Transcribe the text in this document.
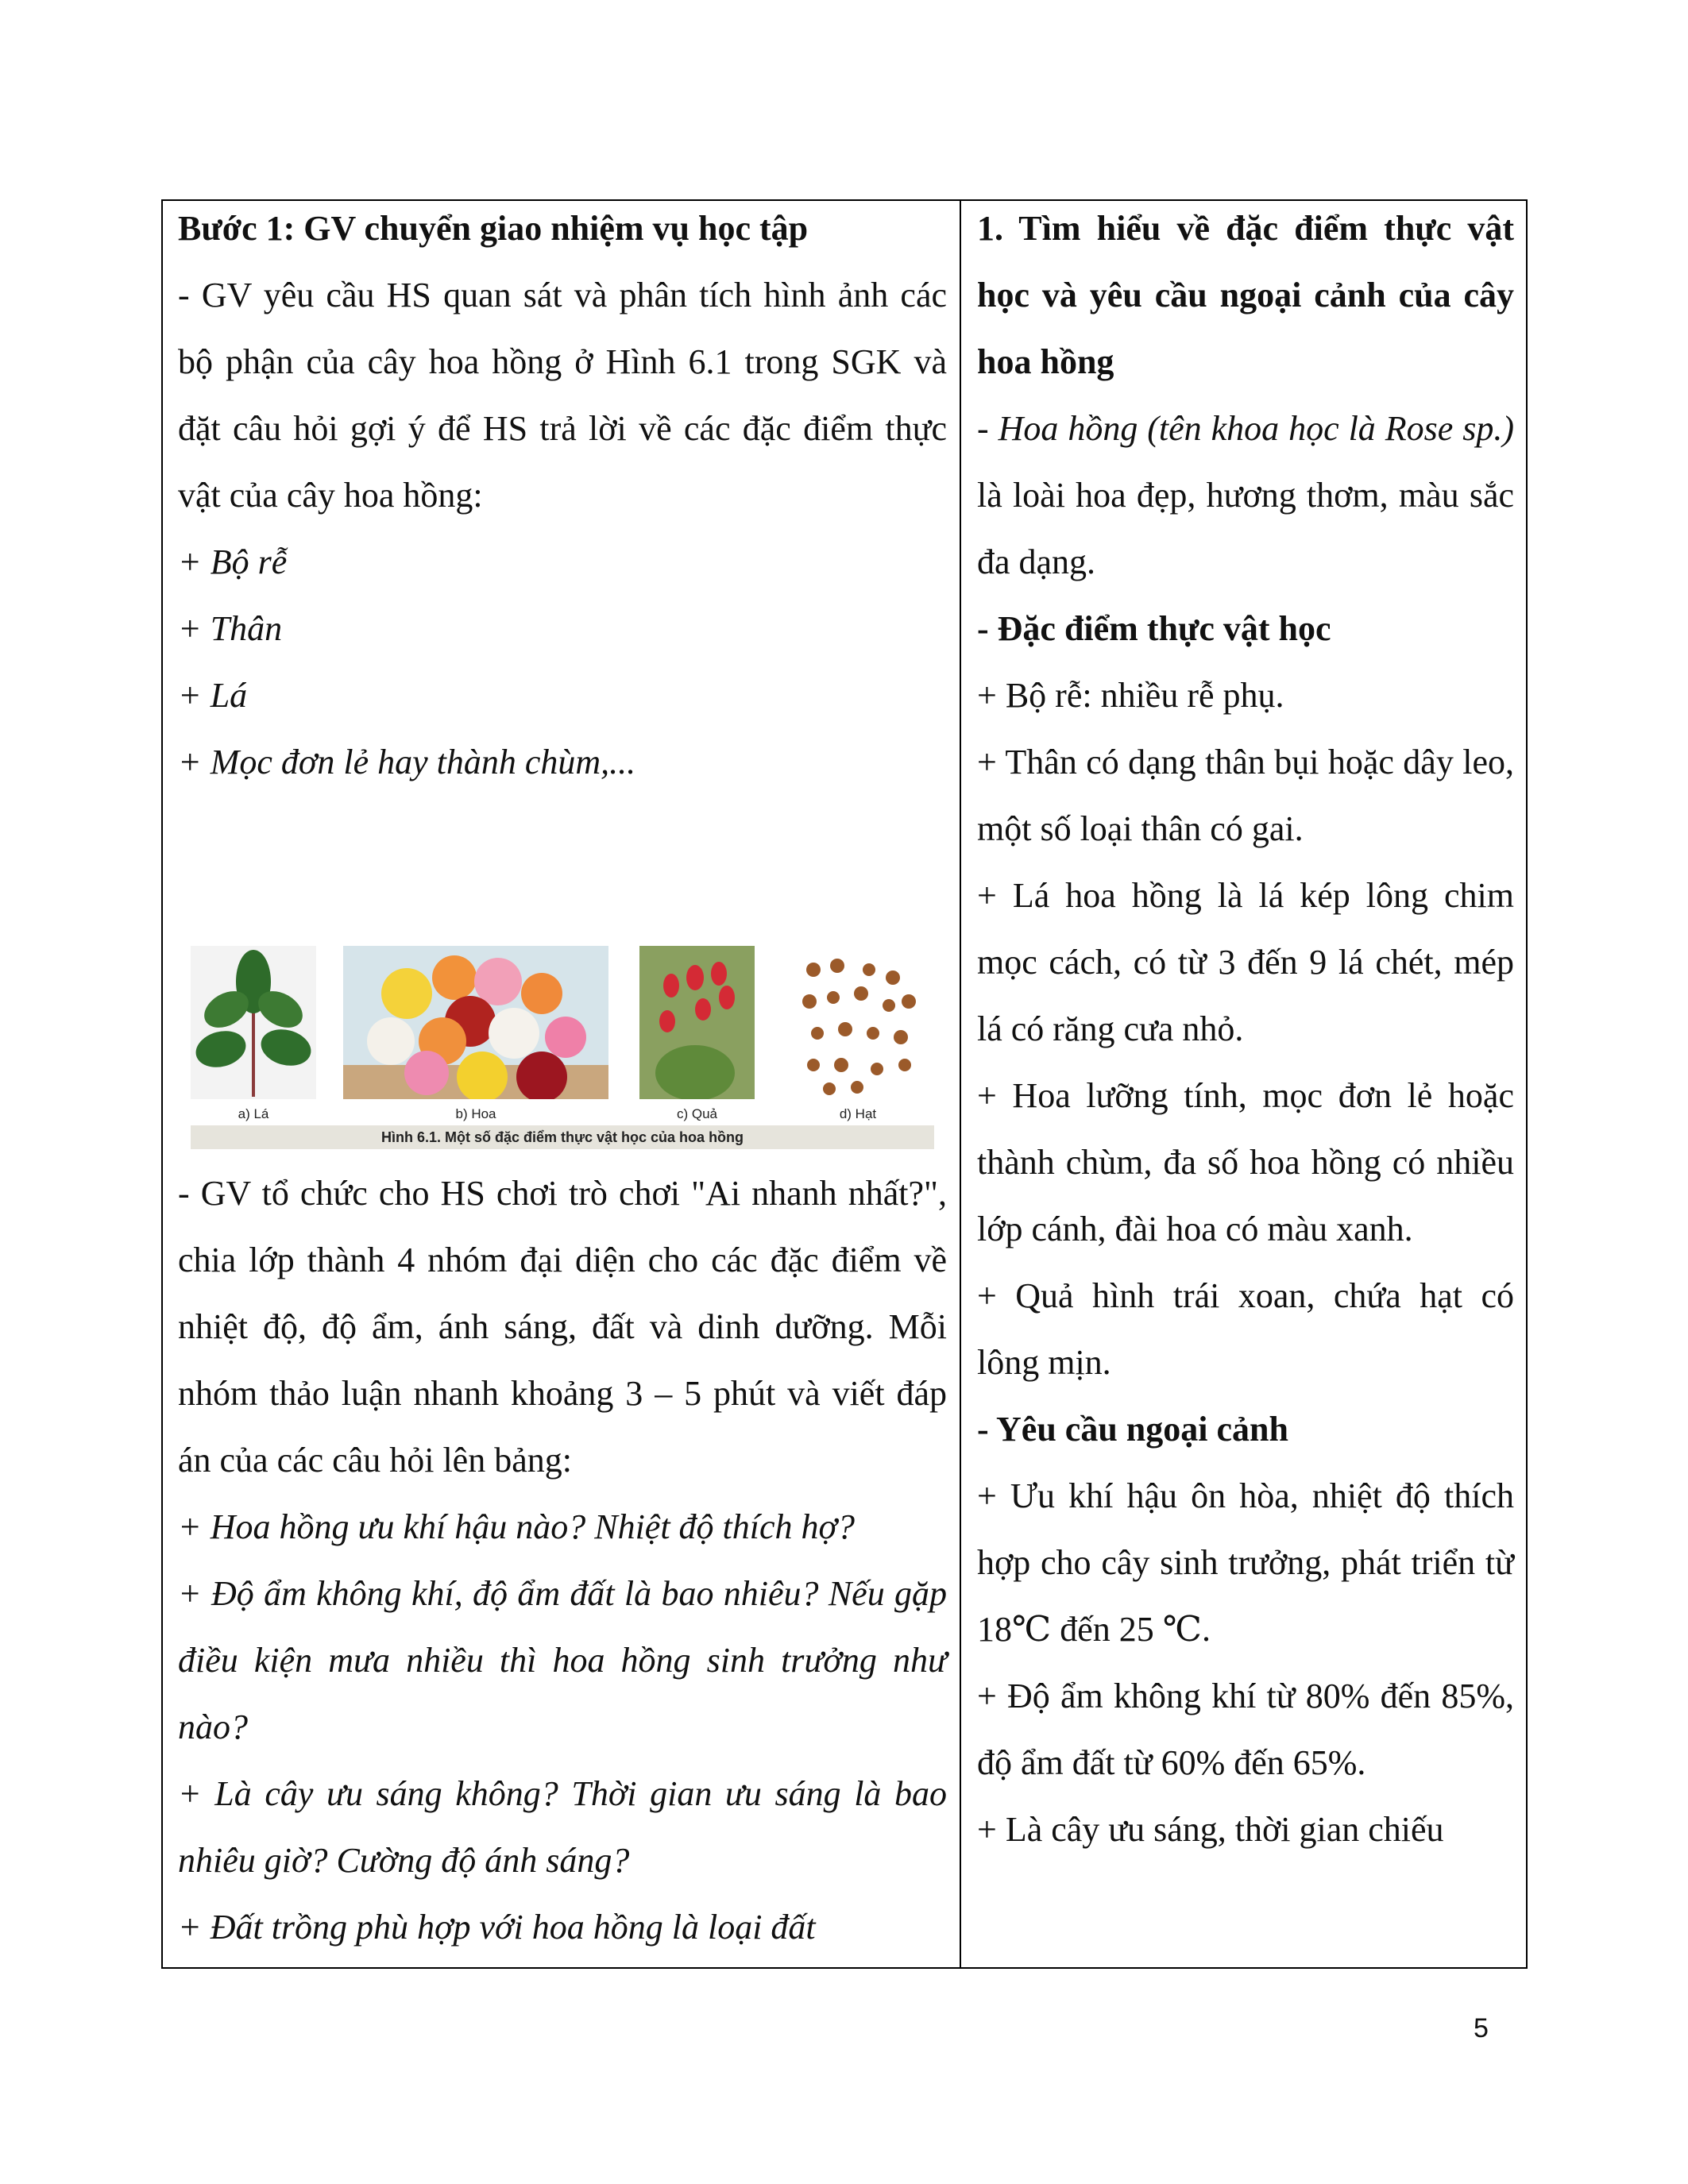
Bước 1: GV chuyển giao nhiệm vụ học tập

- GV yêu cầu HS quan sát và phân tích hình ảnh các bộ phận của cây hoa hồng ở Hình 6.1 trong SGK và đặt câu hỏi gợi ý để HS trả lời về các đặc điểm thực vật của cây hoa hồng:

+ Bộ rễ

+ Thân

+ Lá

+ Mọc đơn lẻ hay thành chùm,...

a) Lá	b) Hoa	c) Quả	d) Hạt
Hình 6.1. Một số đặc điểm thực vật học của hoa hồng

- GV tổ chức cho HS chơi trò chơi "Ai nhanh nhất?", chia lớp thành 4 nhóm đại diện cho các đặc điểm về nhiệt độ, độ ẩm, ánh sáng, đất và dinh dưỡng. Mỗi nhóm thảo luận nhanh khoảng 3 – 5 phút và viết đáp án của các câu hỏi lên bảng:

+ Hoa hồng ưu khí hậu nào? Nhiệt độ thích hợ?

+ Độ ẩm không khí, độ ẩm đất là bao nhiêu? Nếu gặp điều kiện mưa nhiều thì hoa hồng sinh trưởng như nào?

+ Là cây ưu sáng không? Thời gian ưu sáng là bao nhiêu giờ? Cường độ ánh sáng?

+ Đất trồng phù hợp với hoa hồng là loại đất

1. Tìm hiểu về đặc điểm thực vật học và yêu cầu ngoại cảnh của cây hoa hồng

- Hoa hồng (tên khoa học là Rose sp.) là loài hoa đẹp, hương thơm, màu sắc đa dạng.

- Đặc điểm thực vật học

+ Bộ rễ: nhiều rễ phụ.

+ Thân có dạng thân bụi hoặc dây leo, một số loại thân có gai.

+ Lá hoa hồng là lá kép lông chim mọc cách, có từ 3 đến 9 lá chét, mép lá có răng cưa nhỏ.

+ Hoa lưỡng tính, mọc đơn lẻ hoặc thành chùm, đa số hoa hồng có nhiều lớp cánh, đài hoa có màu xanh.

+ Quả hình trái xoan, chứa hạt có lông mịn.

- Yêu cầu ngoại cảnh

+ Ưu khí hậu ôn hòa, nhiệt độ thích hợp cho cây sinh trưởng, phát triển từ 18℃ đến 25 ℃.

+ Độ ẩm không khí từ 80% đến 85%, độ ẩm đất từ 60% đến 65%.

+ Là cây ưu sáng, thời gian chiếu

5
